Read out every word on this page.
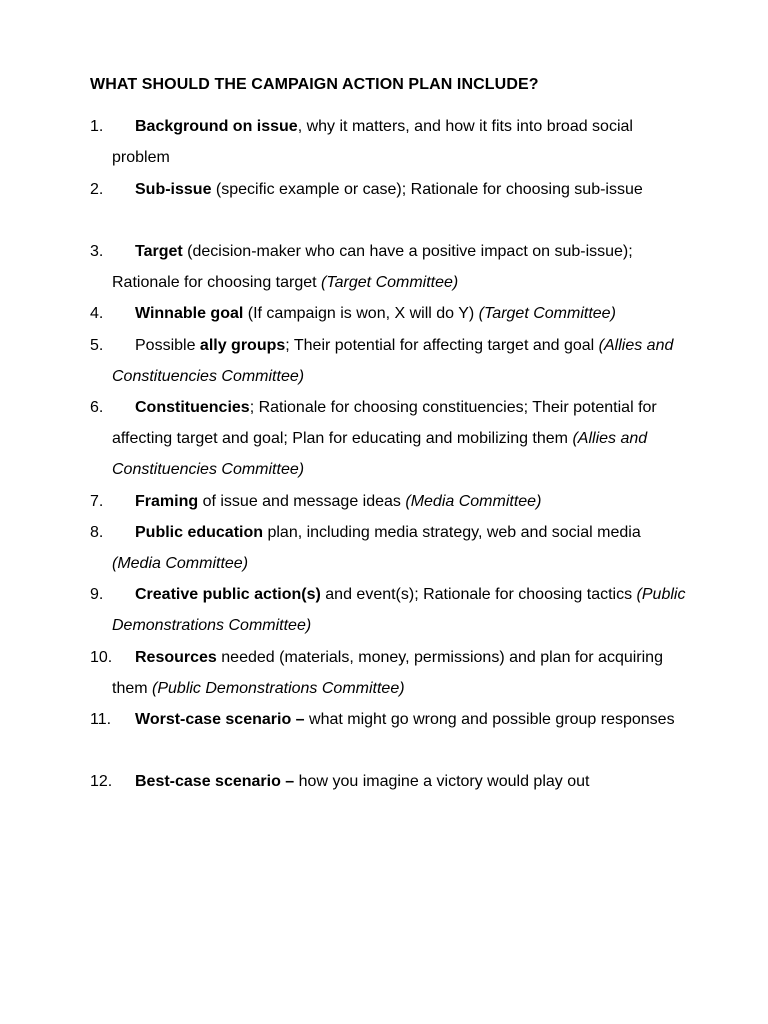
WHAT SHOULD THE CAMPAIGN ACTION PLAN INCLUDE?
1.	Background on issue, why it matters, and how it fits into broad social problem
2.	Sub-issue (specific example or case); Rationale for choosing sub-issue
3.	Target (decision-maker who can have a positive impact on sub-issue); Rationale for choosing target (Target Committee)
4.	Winnable goal (If campaign is won, X will do Y) (Target Committee)
5.	Possible ally groups; Their potential for affecting target and goal (Allies and Constituencies Committee)
6.	Constituencies; Rationale for choosing constituencies; Their potential for affecting target and goal; Plan for educating and mobilizing them (Allies and Constituencies Committee)
7.	Framing of issue and message ideas (Media Committee)
8.	Public education plan, including media strategy, web and social media (Media Committee)
9.	Creative public action(s) and event(s); Rationale for choosing tactics (Public Demonstrations Committee)
10.	Resources needed (materials, money, permissions) and plan for acquiring them (Public Demonstrations Committee)
11.	Worst-case scenario – what might go wrong and possible group responses
12.	Best-case scenario – how you imagine a victory would play out
